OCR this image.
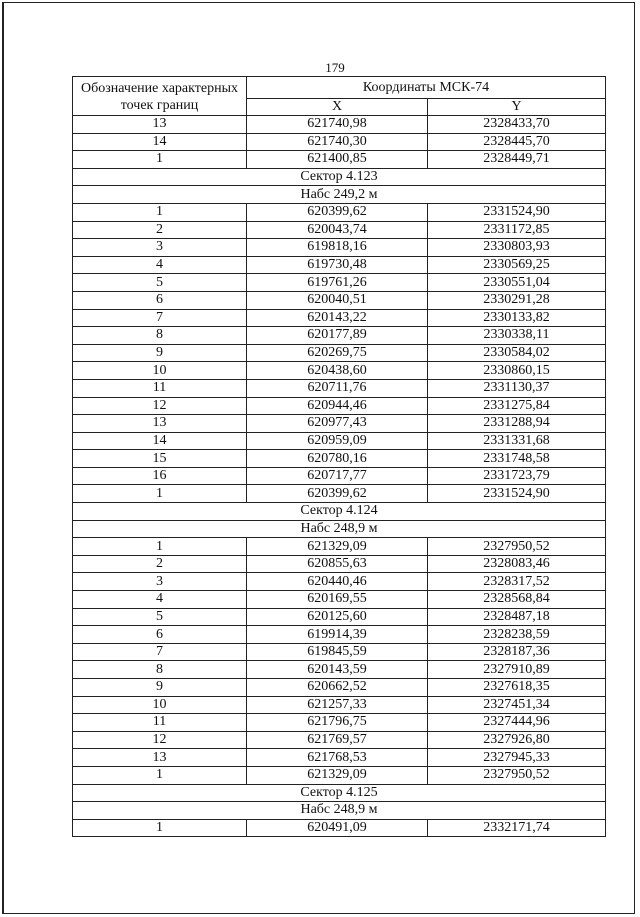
179
Обозначение характерных точек границ	Координаты МСК-74	
	X	Y
13	621740,98	2328433,70
14	621740,30	2328445,70
1	621400,85	2328449,71
Сектор 4.123		
Набс 249,2 м		
1	620399,62	2331524,90
2	620043,74	2331172,85
3	619818,16	2330803,93
4	619730,48	2330569,25
5	619761,26	2330551,04
6	620040,51	2330291,28
7	620143,22	2330133,82
8	620177,89	2330338,11
9	620269,75	2330584,02
10	620438,60	2330860,15
11	620711,76	2331130,37
12	620944,46	2331275,84
13	620977,43	2331288,94
14	620959,09	2331331,68
15	620780,16	2331748,58
16	620717,77	2331723,79
1	620399,62	2331524,90
Сектор 4.124		
Набс 248,9 м		
1	621329,09	2327950,52
2	620855,63	2328083,46
3	620440,46	2328317,52
4	620169,55	2328568,84
5	620125,60	2328487,18
6	619914,39	2328238,59
7	619845,59	2328187,36
8	620143,59	2327910,89
9	620662,52	2327618,35
10	621257,33	2327451,34
11	621796,75	2327444,96
12	621769,57	2327926,80
13	621768,53	2327945,33
1	621329,09	2327950,52
Сектор 4.125		
Набс 248,9 м		
1	620491,09	2332171,74
